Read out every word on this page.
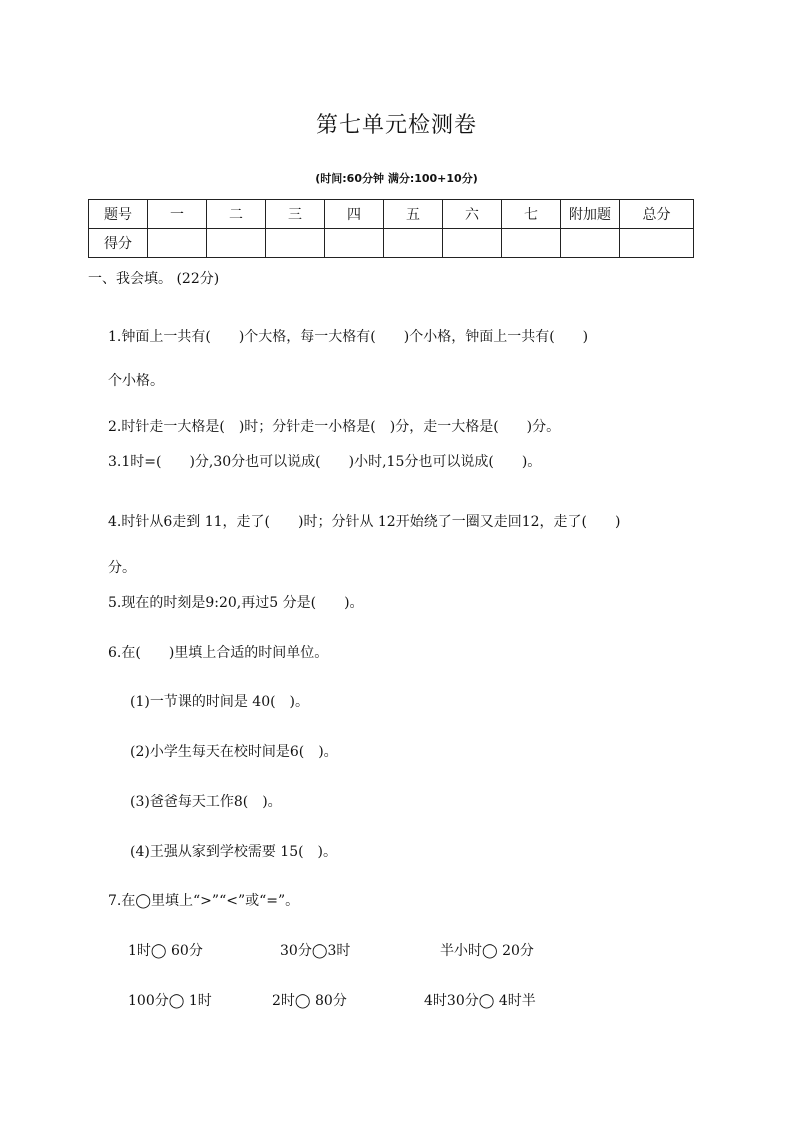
第七单元检测卷
(时间:60分钟 满分:100+10分)
题号	一	二	三	四	五	六	七	附加题	总分
得分									
一、我会填。 (22分)
1.钟面上一共有(　　)个大格，每一大格有(　　)个小格，钟面上一共有(　　)
个小格。
2.时针走一大格是(　)时；分针走一小格是(　)分，走一大格是(　　)分。
3.1时=(　　)分,30分也可以说成(　　)小时,15分也可以说成(　　)。
4.时针从6走到 11，走了(　　)时；分针从 12开始绕了一圈又走回12，走了(　　)
分。
5.现在的时刻是9:20,再过5 分是(　　)。
6.在(　　)里填上合适的时间单位。
(1)一节课的时间是 40(　)。
(2)小学生每天在校时间是6(　)。
(3)爸爸每天工作8(　)。
(4)王强从家到学校需要 15(　)。
7.在◯里填上“>”“<”或“=”。
1时◯ 60分	30分◯3时	半小时◯ 20分
100分◯ 1时	2时◯ 80分	4时30分◯ 4时半
